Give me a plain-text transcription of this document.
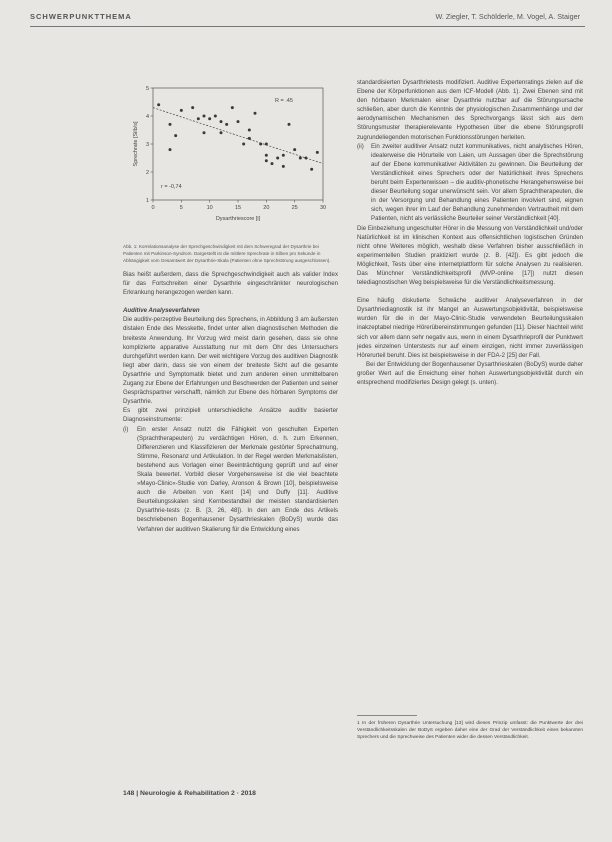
SCHWERPUNKTTHEMA	W. Ziegler, T. Schölderle, M. Vogel, A. Staiger
0	5	10	15	20	25	30
1
2
3
4
5
R = .45
r = -0,74
Dysarthriescore [i]
Sprechrate [Silb/s]
Abb. 1: Korrelationsanalyse der Sprechgeschwindigkeit mit dem Schweregrad der Dysarthrie bei Patienten mit Parkinson-Syndrom. Dargestellt ist die mittlere Sprechrate in Silben pro Sekunde in Abhängigkeit vom Gesamtwert der Dysarthrie-Skala (Patienten ohne Sprechstörung ausgeschlossen).

Bias heißt außerdem, dass die Sprechgeschwindigkeit auch als valider Index für das Fortschreiten einer Dysarthrie eingeschränkter neurologischen Erkrankung herangezogen werden kann.

Auditive Analyseverfahren

Die auditiv-perzeptive Beurteilung des Sprechens, in Abbildung 3 am äußersten distalen Ende des Messkette, findet unter allen diagnostischen Methoden die breiteste Anwendung. Ihr Vorzug wird meist darin gesehen, dass sie ohne komplizierte apparative Ausstattung nur mit dem Ohr des Untersuchers durchgeführt werden kann. Der weit wichtigere Vorzug des auditiven Diagnostik liegt aber darin, dass sie von einem der breiteste Sicht auf die gesamte Dysarthrie und Symptomatik bietet und zum anderen einen unmittelbaren Zugang zur Ebene der Erfahrungen und Beschwerden der Patienten und seiner Gesprächspartner verschafft, nämlich zur Ebene des hörbaren Symptoms der Dysarthrie.

Es gibt zwei prinzipiell unterschiedliche Ansätze auditiv basierter Diagnoseinstrumente:

(i)	Ein erster Ansatz nutzt die Fähigkeit von geschulten Experten (Sprachtherapeuten) zu verdächtigen Hören, d. h. zum Erkennen, Differenzieren und Klassifizieren der Merkmale gestörter Sprechatmung, Stimme, Resonanz und Artikulation. In der Regel werden Merkmalslisten, bestehend aus Vorlagen einer Beeinträchtigung geprüft und auf einer Skala bewertet. Vorbild dieser Vorgehensweise ist die viel beachtete »Mayo-Clinic«-Studie von Darley, Aronson & Brown [10], beispielsweise auch die Arbeiten von Kent [14] und Duffy [11]. Auditive Beurteilungsskalen sind Kernbestandteil der meisten standardisierten Dysarthrie-tests (z. B. [3, 26, 48]). In den am Ende des Artikels beschriebenen Bogenhausener Dysarthrieskalen (BoDyS) wurde das Verfahren der auditiven Skalierung für die Entwicklung eines

standardisierten Dysarthrietests modifiziert. Auditive Expertenratings zielen auf die Ebene der Körperfunktionen aus dem ICF-Modell (Abb. 1). Zwei Ebenen sind mit den hörbaren Merkmalen einer Dysarthrie nutzbar auf die Störungsursache schließen, aber durch die Kenntnis der physiologischen Zusammenhänge und der aerodynamischen Mechanismen des Sprechvorgangs lässt sich aus dem Störungsmuster therapierelevante Hypothesen über die ebene Störungsprofil zugrundeliegenden motorischen Funktionsstörungen herleiten.

(ii)	Ein zweiter auditiver Ansatz nutzt kommunikatives, nicht analytisches Hören, idealerweise die Hörurteile von Laien, um Aussagen über die Sprechstörung auf der Ebene kommunikativer Aktivitäten zu gewinnen. Die Beurteilung der Verständlichkeit eines Sprechers oder der Natürlichkeit ihres Sprechens beruht beim Expertenwissen – die auditiv-phonetische Herangehensweise bei dieser Beurteilung sogar unerwünscht sein. Vor allem Sprachtherapeuten, die in der Versorgung und Behandlung eines Patienten involviert sind, eignen sich, wegen ihrer im Lauf der Behandlung zunehmenden Vertrautheit mit dem Patienten, nicht als verlässliche Beurteiler seiner Verständlichkeit [40].

Die Einbeziehung ungeschulter Hörer in die Messung von Verständlichkeit und/oder Natürlichkeit ist im klinischen Kontext aus offensichtlichen logistischen Gründen nicht ohne Weiteres möglich, weshalb diese Verfahren bisher ausschließlich in experimentellen Studien praktiziert wurde (z. B. [42]). Es gibt jedoch die Möglichkeit, Tests über eine internetplattform für solche Analysen zu realisieren. Das Münchner Verständlichkeitsprofil (MVP-online [17]) nutzt diesen telediagnostischen Weg beispielsweise für die Verständlichkeitsmessung.

Eine häufig diskutierte Schwäche auditiver Analyseverfahren in der Dysarthriediagnostik ist ihr Mangel an Auswertungsobjektivität, beispielsweise wurden für die in der Mayo-Clinic-Studie verwendeten Beurteilungsskalen inakzeptabel niedrige Hörerübereinstimmungen gefunden [11]. Dieser Nachteil wirkt sich vor allem dann sehr negativ aus, wenn in einem Dysarthrieprofil der Punktwert jedes einzelnen Unterstests nur auf einem einzigen, nicht immer zuverlässigen Hörerurteil beruht. Dies ist beispielsweise in der FDA-2 [25] der Fall.

Bei der Entwicklung der Bogenhausener Dysarthrieskalen (BoDyS) wurde daher großer Wert auf die Erreichung einer hohen Auswertungsobjektivität durch ein entsprechend modifiziertes Design gelegt (s. unten).

1 In der früheren Dysarthrie Untersuchung [13] wird dieses Prinzip umfasst: die Punktwerte der drei Verständlichkeitsskalen der BoDyS ergeben daher eine der Grad der Verständlichkeit eines bekannten Sprechers und die Sprechweise des Patienten wider die dessen Verständlichkeit.
148 | Neurologie & Rehabilitation 2 · 2018
